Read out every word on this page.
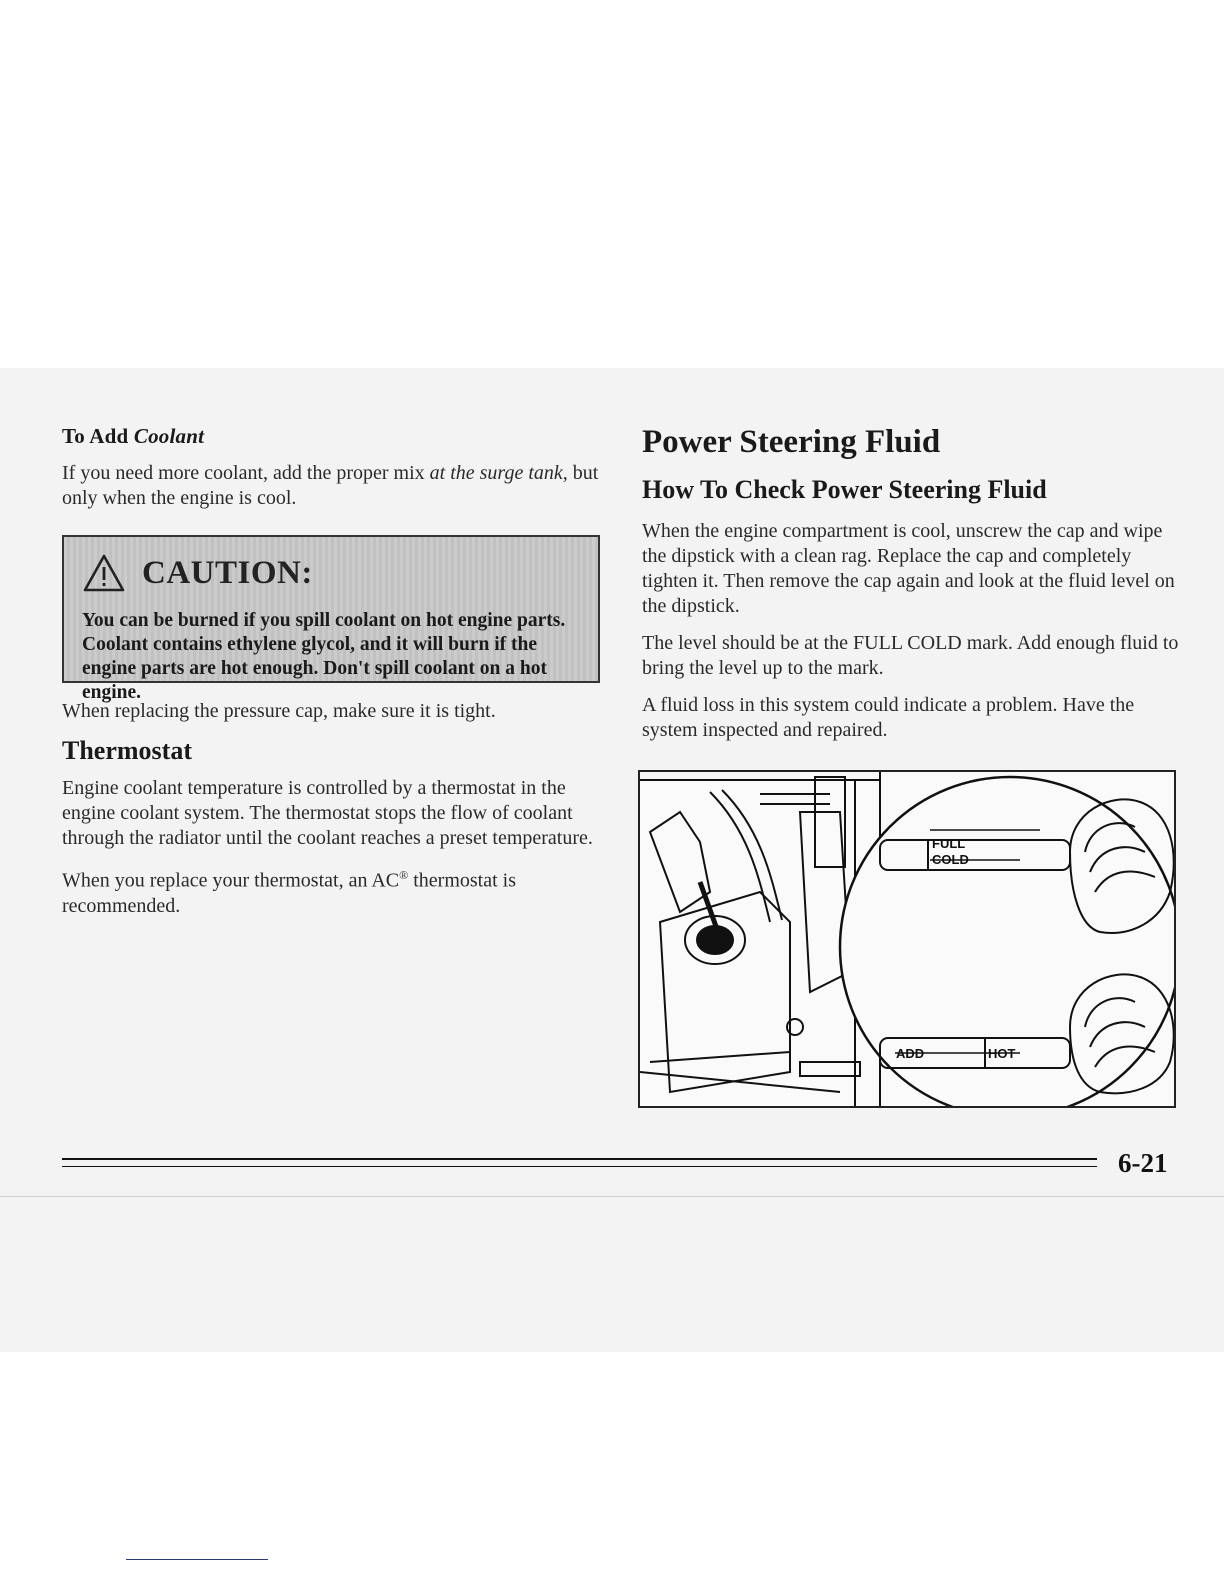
To Add Coolant

If you need more coolant, add the proper mix at the surge tank, but only when the engine is cool.

CAUTION:
You can be burned if you spill coolant on hot engine parts. Coolant contains ethylene glycol, and it will burn if the engine parts are hot enough. Don't spill coolant on a hot engine.

When replacing the pressure cap, make sure it is tight.

Thermostat

Engine coolant temperature is controlled by a thermostat in the engine coolant system. The thermostat stops the flow of coolant through the radiator until the coolant reaches a preset temperature.

When you replace your thermostat, an AC® thermostat is recommended.

Power Steering Fluid
How To Check Power Steering Fluid

When the engine compartment is cool, unscrew the cap and wipe the dipstick with a clean rag. Replace the cap and completely tighten it. Then remove the cap again and look at the fluid level on the dipstick.

The level should be at the FULL COLD mark. Add enough fluid to bring the level up to the mark.

A fluid loss in this system could indicate a problem. Have the system inspected and repaired.

FULL
COLD
ADD	HOT
6-21
